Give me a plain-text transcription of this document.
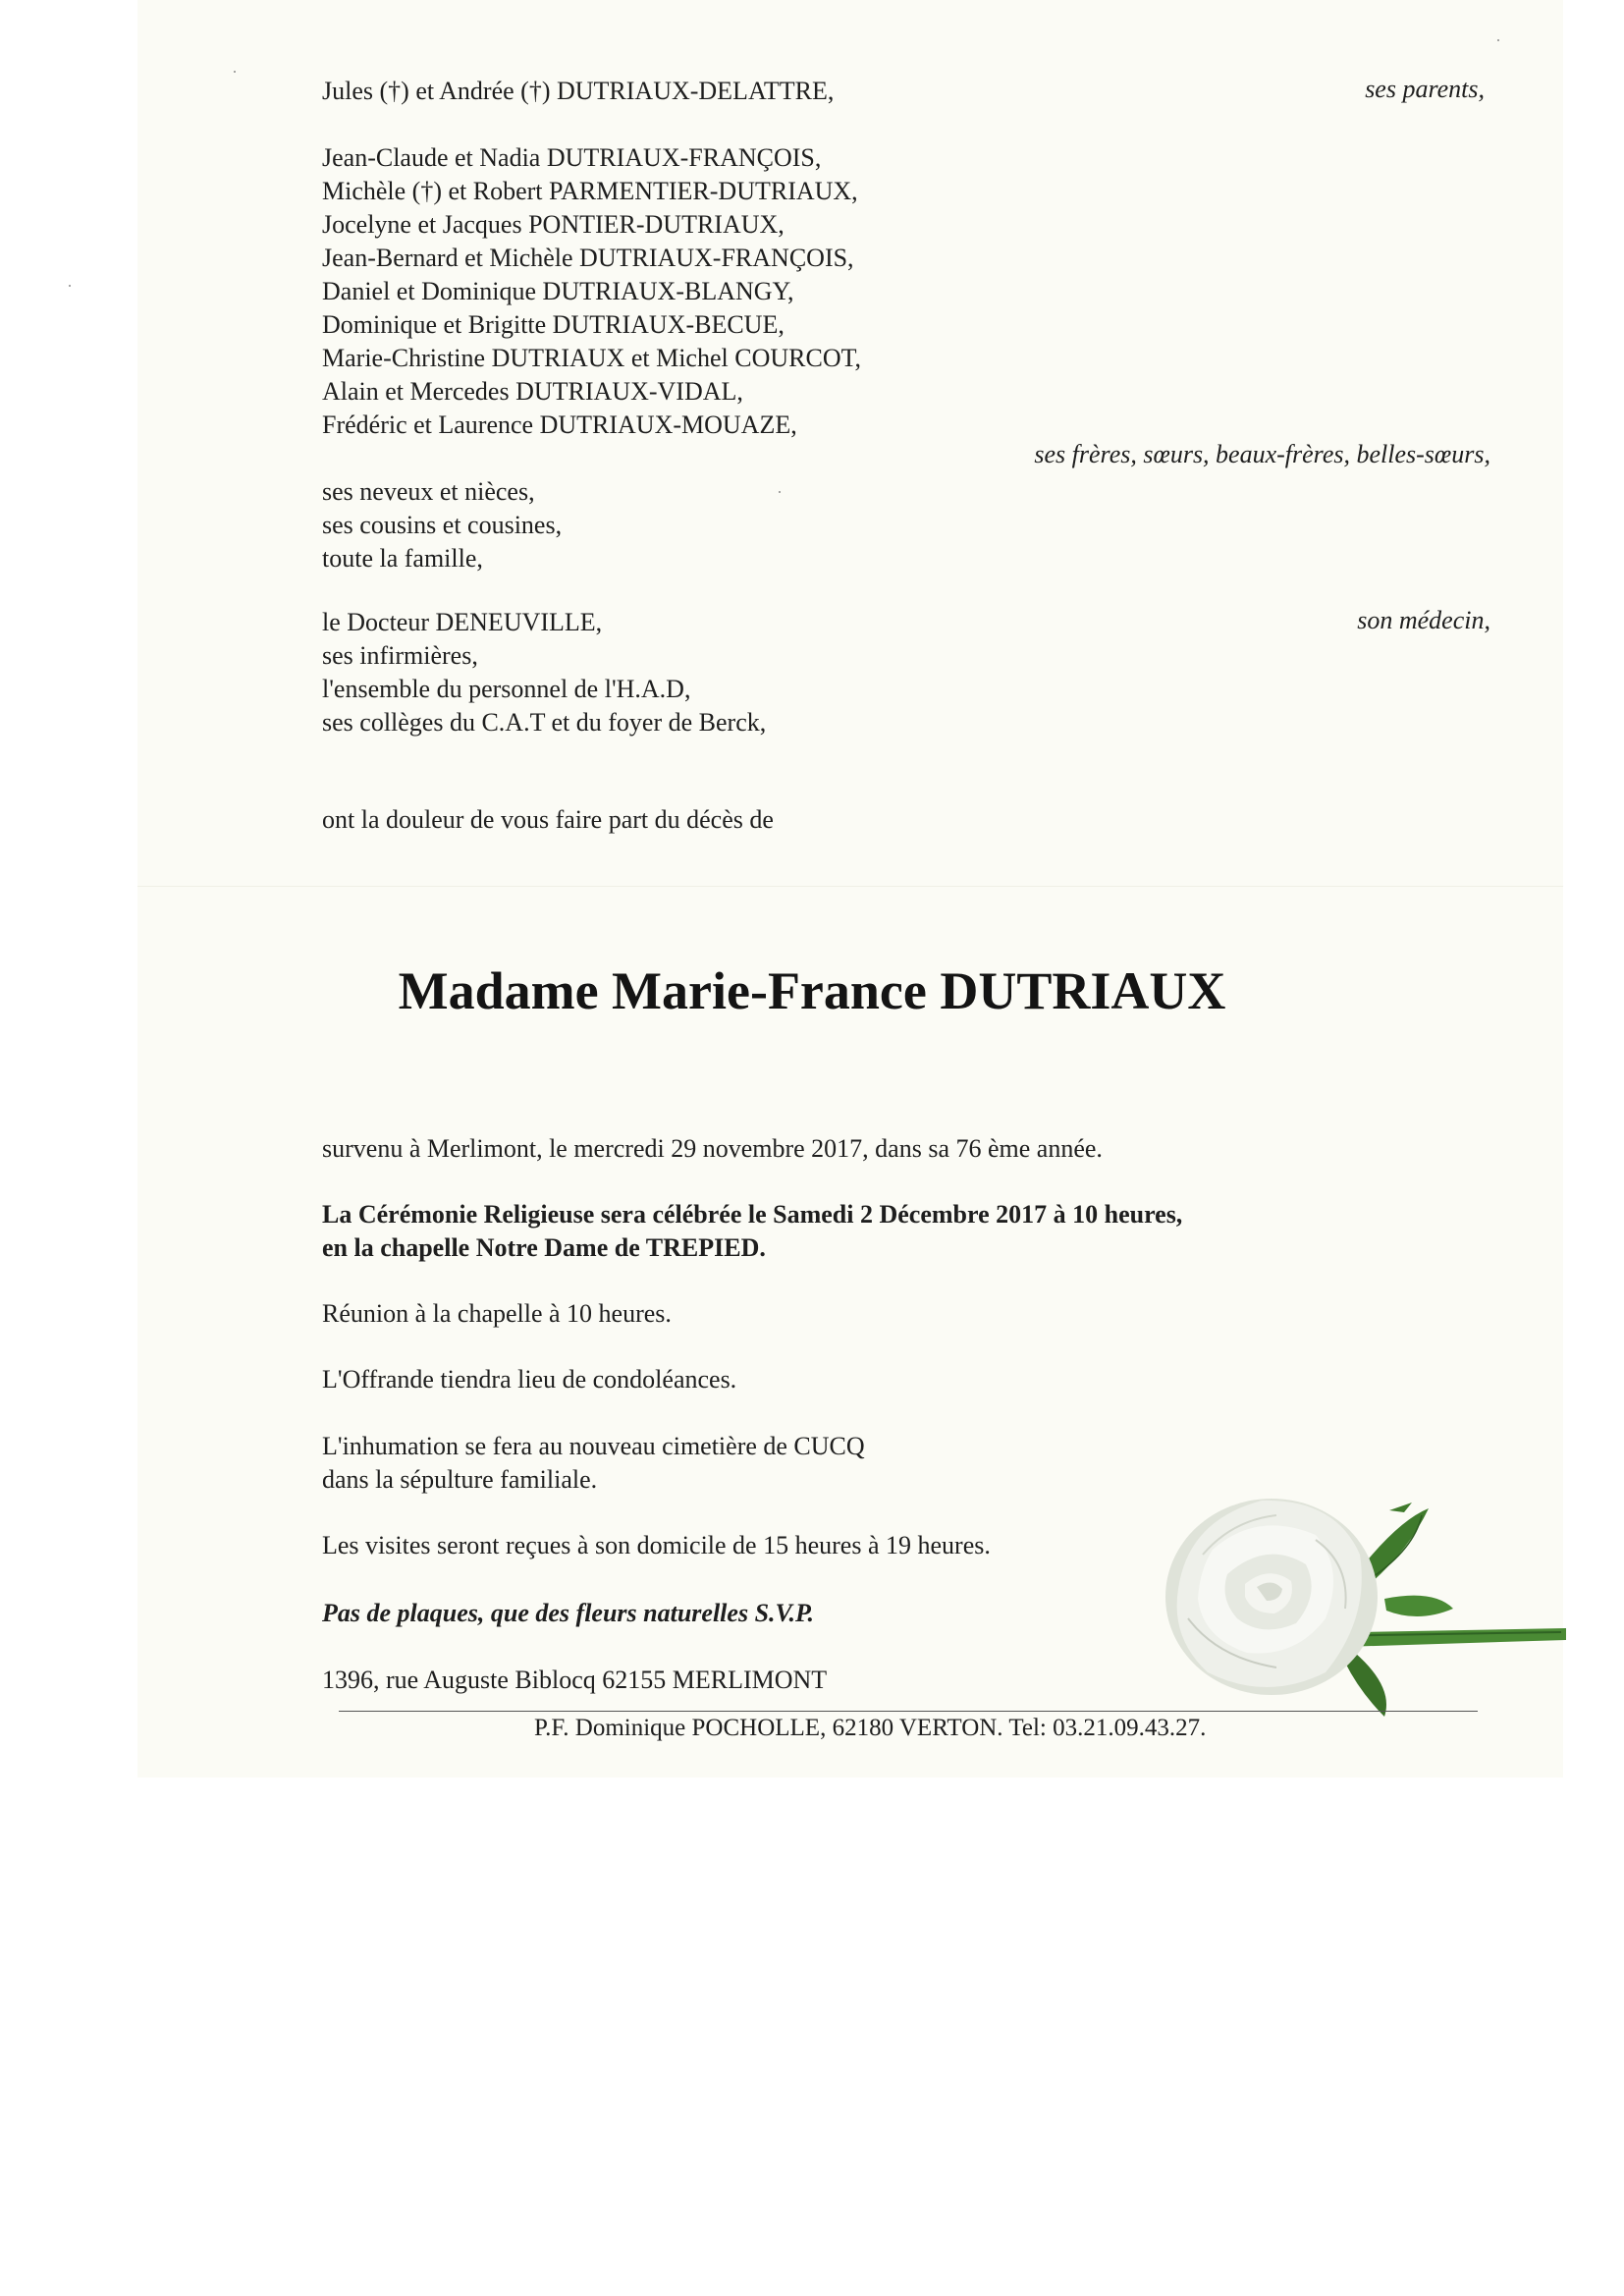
Jules (†) et Andrée (†) DUTRIAUX-DELATTRE,	ses parents,
Jean-Claude et Nadia DUTRIAUX-FRANÇOIS,
Michèle (†) et Robert PARMENTIER-DUTRIAUX,
Jocelyne et Jacques PONTIER-DUTRIAUX,
Jean-Bernard et Michèle DUTRIAUX-FRANÇOIS,
Daniel et Dominique DUTRIAUX-BLANGY,
Dominique et Brigitte DUTRIAUX-BECUE,
Marie-Christine DUTRIAUX et Michel COURCOT,
Alain et Mercedes DUTRIAUX-VIDAL,
Frédéric et Laurence DUTRIAUX-MOUAZE,
ses frères, sœurs, beaux-frères, belles-sœurs,
ses neveux et nièces,
ses cousins et cousines,
toute la famille,
le Docteur DENEUVILLE,
ses infirmières,
l'ensemble du personnel de l'H.A.D,
ses collèges du C.A.T et du foyer de Berck,
son médecin,

ont la douleur de vous faire part du décès de

Madame Marie-France DUTRIAUX

survenu à Merlimont, le mercredi 29 novembre 2017, dans sa 76 ème année.

La Cérémonie Religieuse sera célébrée le Samedi 2 Décembre 2017 à 10 heures,
en la chapelle Notre Dame de TREPIED.

Réunion à la chapelle à 10 heures.

L'Offrande tiendra lieu de condoléances.

L'inhumation se fera au nouveau cimetière de CUCQ
dans la sépulture familiale.

Les visites seront reçues à son domicile de 15 heures à 19 heures.

Pas de plaques, que des fleurs naturelles S.V.P.

1396, rue Auguste Biblocq 62155 MERLIMONT

P.F. Dominique POCHOLLE, 62180 VERTON. Tel: 03.21.09.43.27.
